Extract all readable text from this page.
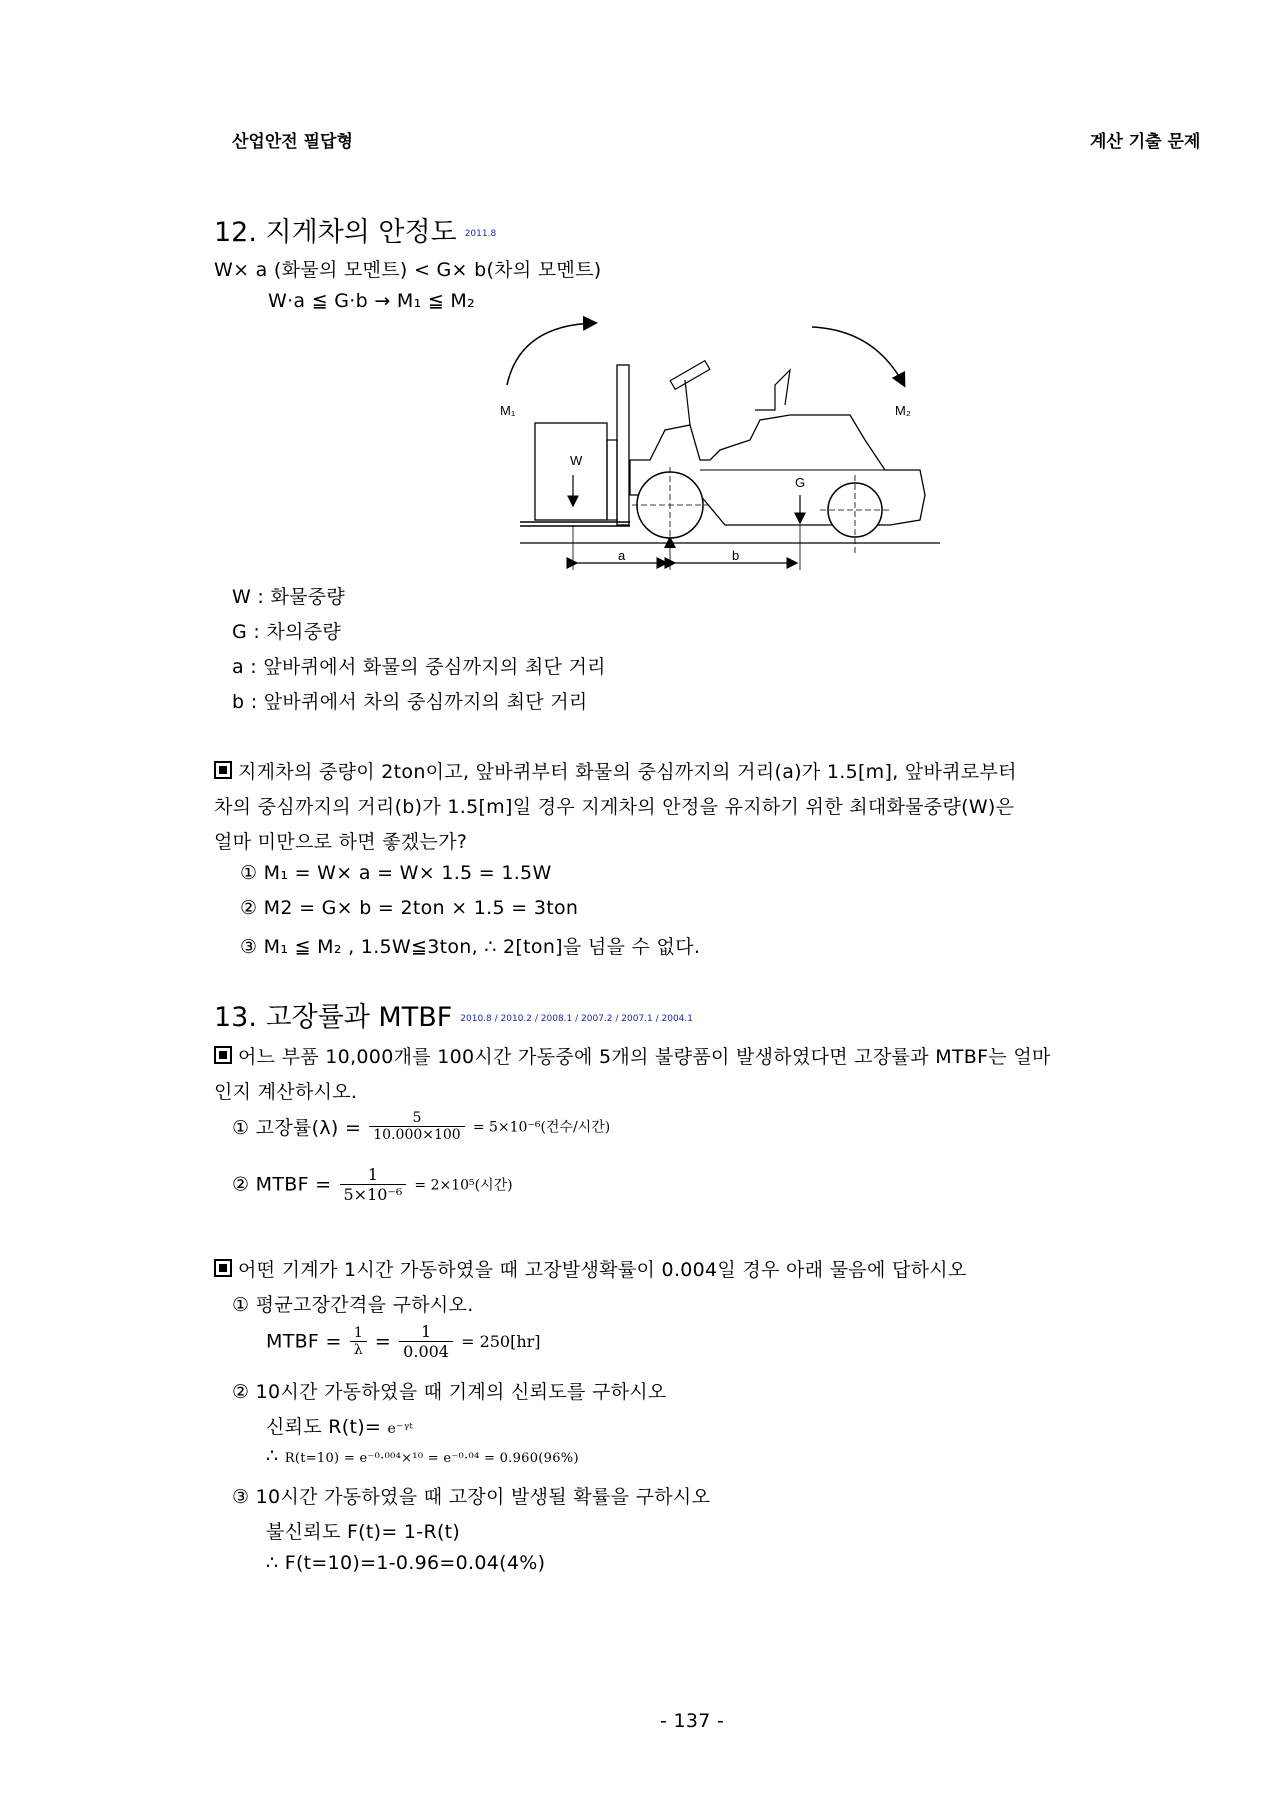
산업안전 필답형	계산 기출 문제
12. 지게차의 안정도 2011.8
W× a (화물의 모멘트) < G× b(차의 모멘트)
W·a ≦ G·b → M₁ ≦ M₂
M₁	M₂
W
G
a	b
W : 화물중량
G : 차의중량
a : 앞바퀴에서 화물의 중심까지의 최단 거리
b : 앞바퀴에서 차의 중심까지의 최단 거리
지게차의 중량이 2ton이고, 앞바퀴부터 화물의 중심까지의 거리(a)가 1.5[m], 앞바퀴로부터
차의 중심까지의 거리(b)가 1.5[m]일 경우 지게차의 안정을 유지하기 위한 최대화물중량(W)은
얼마 미만으로 하면 좋겠는가?
① M₁ = W× a = W× 1.5 = 1.5W
② M2 = G× b = 2ton × 1.5 = 3ton
③ M₁ ≦ M₂ , 1.5W≦3ton, ∴ 2[ton]을 넘을 수 없다.
13. 고장률과 MTBF 2010.8 / 2010.2 / 2008.1 / 2007.2 / 2007.1 / 2004.1
어느 부품 10,000개를 100시간 가동중에 5개의 불량품이 발생하였다면 고장률과 MTBF는 얼마
인지 계산하시오.
① 고장률$(\lambda) = \frac{5}{10.000\times 100} = 5\times 10^{-6}$(건수/시간)
② MTBF = $\frac{1}{\text{5×10⁻⁶}} = 2\times 10^5$(시간)
어떤 기계가 1시간 가동하였을 때 고장발생확률이 0.004일 경우 아래 물음에 답하시오
① 평균고장간격을 구하시오.
MTBF = $\frac{1}{\lambda} = \frac{1}{0.004} = 250[hr]$
② 10시간 가동하였을 때 기계의 신뢰도를 구하시오
신뢰도 R(t)= e⁻ᵞᵗ
∴ R(t=10) = e⁻⁰·⁰⁰⁴×¹⁰ = e⁻⁰·⁰⁴ = 0.960(96%)
③ 10시간 가동하였을 때 고장이 발생될 확률을 구하시오
불신뢰도 F(t)= 1-R(t)
∴ F(t=10)=1-0.96=0.04(4%)
- 137 -
